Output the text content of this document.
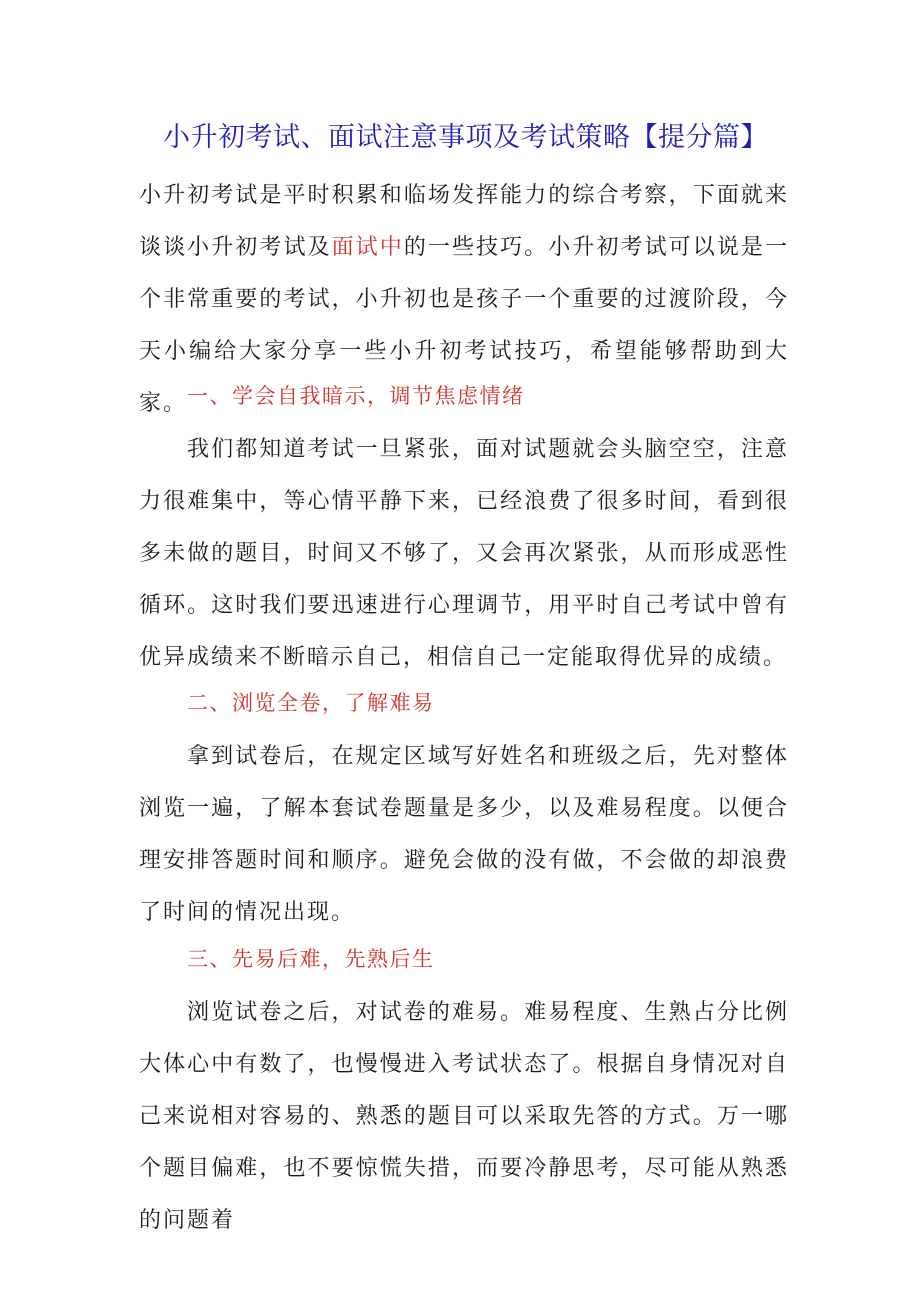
小升初考试、面试注意事项及考试策略【提分篇】

小升初考试是平时积累和临场发挥能力的综合考察，下面就来谈谈小升初考试及面试中的一些技巧。小升初考试可以说是一个非常重要的考试，小升初也是孩子一个重要的过渡阶段，今天小编给大家分享一些小升初考试技巧，希望能够帮助到大家。 一、学会自我暗示，调节焦虑情绪

我们都知道考试一旦紧张，面对试题就会头脑空空，注意力很难集中，等心情平静下来，已经浪费了很多时间，看到很多未做的题目，时间又不够了，又会再次紧张，从而形成恶性循环。这时我们要迅速进行心理调节，用平时自己考试中曾有优异成绩来不断暗示自己，相信自己一定能取得优异的成绩。

二、浏览全卷，了解难易

拿到试卷后，在规定区域写好姓名和班级之后，先对整体浏览一遍，了解本套试卷题量是多少，以及难易程度。以便合理安排答题时间和顺序。避免会做的没有做，不会做的却浪费了时间的情况出现。

三、先易后难，先熟后生

浏览试卷之后，对试卷的难易。难易程度、生熟占分比例大体心中有数了，也慢慢进入考试状态了。根据自身情况对自己来说相对容易的、熟悉的题目可以采取先答的方式。万一哪个题目偏难，也不要惊慌失措，而要冷静思考，尽可能从熟悉的问题着
